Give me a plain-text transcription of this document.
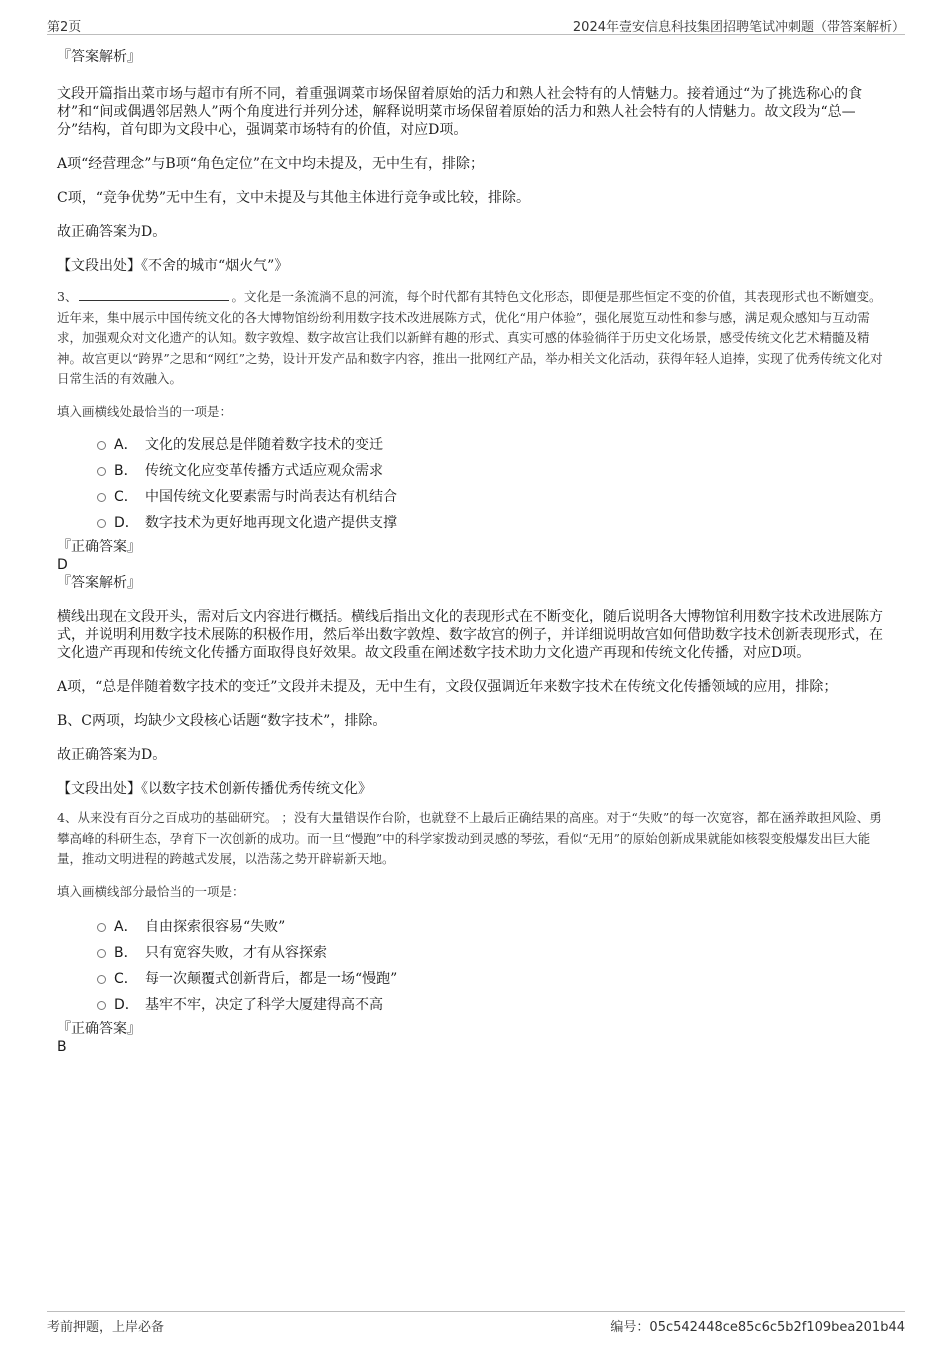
第2页	2024年壹安信息科技集团招聘笔试冲刺题（带答案解析）

『答案解析』

文段开篇指出菜市场与超市有所不同，着重强调菜市场保留着原始的活力和熟人社会特有的人情魅力。接着通过“为了挑选称心的食材”和“间或偶遇邻居熟人”两个角度进行并列分述，解释说明菜市场保留着原始的活力和熟人社会特有的人情魅力。故文段为“总—分”结构，首句即为文段中心，强调菜市场特有的价值，对应D项。

A项“经营理念”与B项“角色定位”在文中均未提及，无中生有，排除；

C项，“竞争优势”无中生有，文中未提及与其他主体进行竞争或比较，排除。

故正确答案为D。

【文段出处】《不舍的城市“烟火气”》

3、	。文化是一条流淌不息的河流，每个时代都有其特色文化形态，即便是那些恒定不变的价值，其表现形式也不断嬗变。近年来，集中展示中国传统文化的各大博物馆纷纷利用数字技术改进展陈方式，优化“用户体验”，强化展览互动性和参与感，满足观众感知与互动需求，加强观众对文化遗产的认知。数字敦煌、数字故宫让我们以新鲜有趣的形式、真实可感的体验徜徉于历史文化场景，感受传统文化艺术精髓及精神。故宫更以“跨界”之思和“网红”之势，设计开发产品和数字内容，推出一批网红产品，举办相关文化活动，获得年轻人追捧，实现了优秀传统文化对日常生活的有效融入。

填入画横线处最恰当的一项是：

A． 文化的发展总是伴随着数字技术的变迁
B． 传统文化应变革传播方式适应观众需求
C． 中国传统文化要素需与时尚表达有机结合
D． 数字技术为更好地再现文化遗产提供支撑

『正确答案』

D

『答案解析』

横线出现在文段开头，需对后文内容进行概括。横线后指出文化的表现形式在不断变化，随后说明各大博物馆利用数字技术改进展陈方式，并说明利用数字技术展陈的积极作用，然后举出数字敦煌、数字故宫的例子，并详细说明故宫如何借助数字技术创新表现形式，在文化遗产再现和传统文化传播方面取得良好效果。故文段重在阐述数字技术助力文化遗产再现和传统文化传播，对应D项。

A项，“总是伴随着数字技术的变迁”文段并未提及，无中生有，文段仅强调近年来数字技术在传统文化传播领域的应用，排除；

B、C两项，均缺少文段核心话题“数字技术”，排除。

故正确答案为D。

【文段出处】《以数字技术创新传播优秀传统文化》

4、从来没有百分之百成功的基础研究。 ；没有大量错误作台阶，也就登不上最后正确结果的高座。对于“失败”的每一次宽容，都在涵养敢担风险、勇攀高峰的科研生态，孕育下一次创新的成功。而一旦“慢跑”中的科学家拨动到灵感的琴弦，看似“无用”的原始创新成果就能如核裂变般爆发出巨大能量，推动文明进程的跨越式发展，以浩荡之势开辟崭新天地。

填入画横线部分最恰当的一项是：

A． 自由探索很容易“失败”
B． 只有宽容失败，才有从容探索
C． 每一次颠覆式创新背后，都是一场“慢跑”
D． 基牢不牢，决定了科学大厦建得高不高

『正确答案』

B

考前押题，上岸必备	编号：05c542448ce85c6c5b2f109bea201b44
